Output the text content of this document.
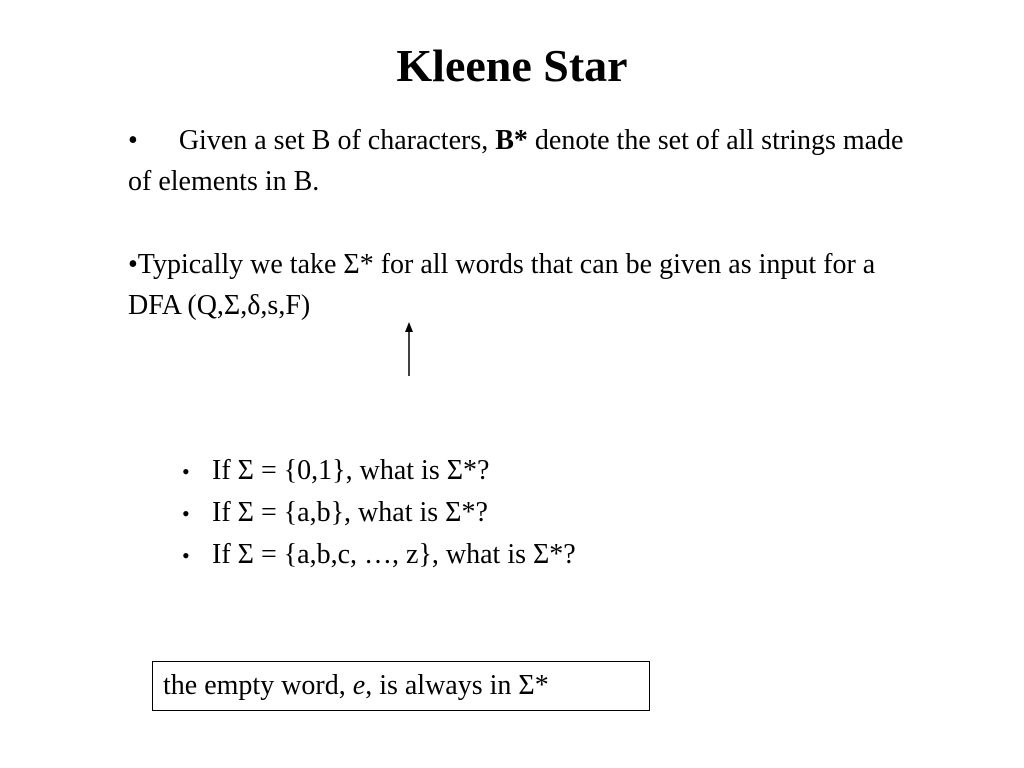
Kleene Star
• Given a set B of characters, B* denote the set of all strings made of elements in B.
•Typically we take Σ* for all words that can be given as input for a DFA (Q,Σ,δ,s,F)
• If Σ = {0,1}, what is Σ*?
• If Σ = {a,b}, what is Σ*?
• If Σ = {a,b,c, …, z}, what is Σ*?
the empty word, e, is always in Σ*
